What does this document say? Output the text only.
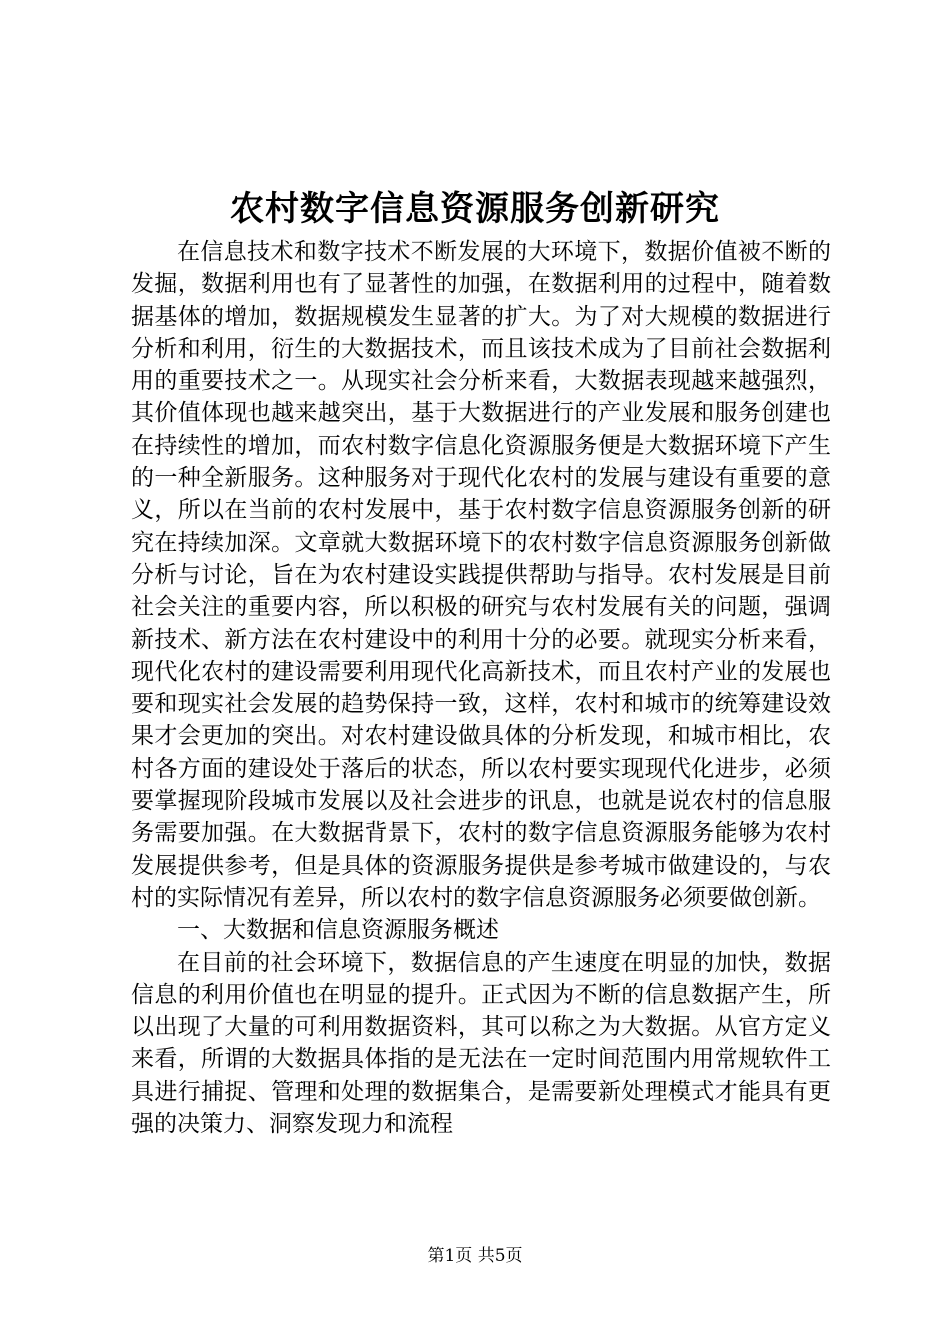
农村数字信息资源服务创新研究

在信息技术和数字技术不断发展的大环境下，数据价值被不断的发掘，数据利用也有了显著性的加强，在数据利用的过程中，随着数据基体的增加，数据规模发生显著的扩大。为了对大规模的数据进行分析和利用，衍生的大数据技术，而且该技术成为了目前社会数据利用的重要技术之一。从现实社会分析来看，大数据表现越来越强烈，其价值体现也越来越突出，基于大数据进行的产业发展和服务创建也在持续性的增加，而农村数字信息化资源服务便是大数据环境下产生的一种全新服务。这种服务对于现代化农村的发展与建设有重要的意义，所以在当前的农村发展中，基于农村数字信息资源服务创新的研究在持续加深。文章就大数据环境下的农村数字信息资源服务创新做分析与讨论，旨在为农村建设实践提供帮助与指导。农村发展是目前社会关注的重要内容，所以积极的研究与农村发展有关的问题，强调新技术、新方法在农村建设中的利用十分的必要。就现实分析来看，现代化农村的建设需要利用现代化高新技术，而且农村产业的发展也要和现实社会发展的趋势保持一致，这样，农村和城市的统筹建设效果才会更加的突出。对农村建设做具体的分析发现，和城市相比，农村各方面的建设处于落后的状态，所以农村要实现现代化进步，必须要掌握现阶段城市发展以及社会进步的讯息，也就是说农村的信息服务需要加强。在大数据背景下，农村的数字信息资源服务能够为农村发展提供参考，但是具体的资源服务提供是参考城市做建设的，与农村的实际情况有差异，所以农村的数字信息资源服务必须要做创新。

一、大数据和信息资源服务概述

在目前的社会环境下，数据信息的产生速度在明显的加快，数据信息的利用价值也在明显的提升。正式因为不断的信息数据产生，所以出现了大量的可利用数据资料，其可以称之为大数据。从官方定义来看，所谓的大数据具体指的是无法在一定时间范围内用常规软件工具进行捕捉、管理和处理的数据集合，是需要新处理模式才能具有更强的决策力、洞察发现力和流程

第1页 共5页
